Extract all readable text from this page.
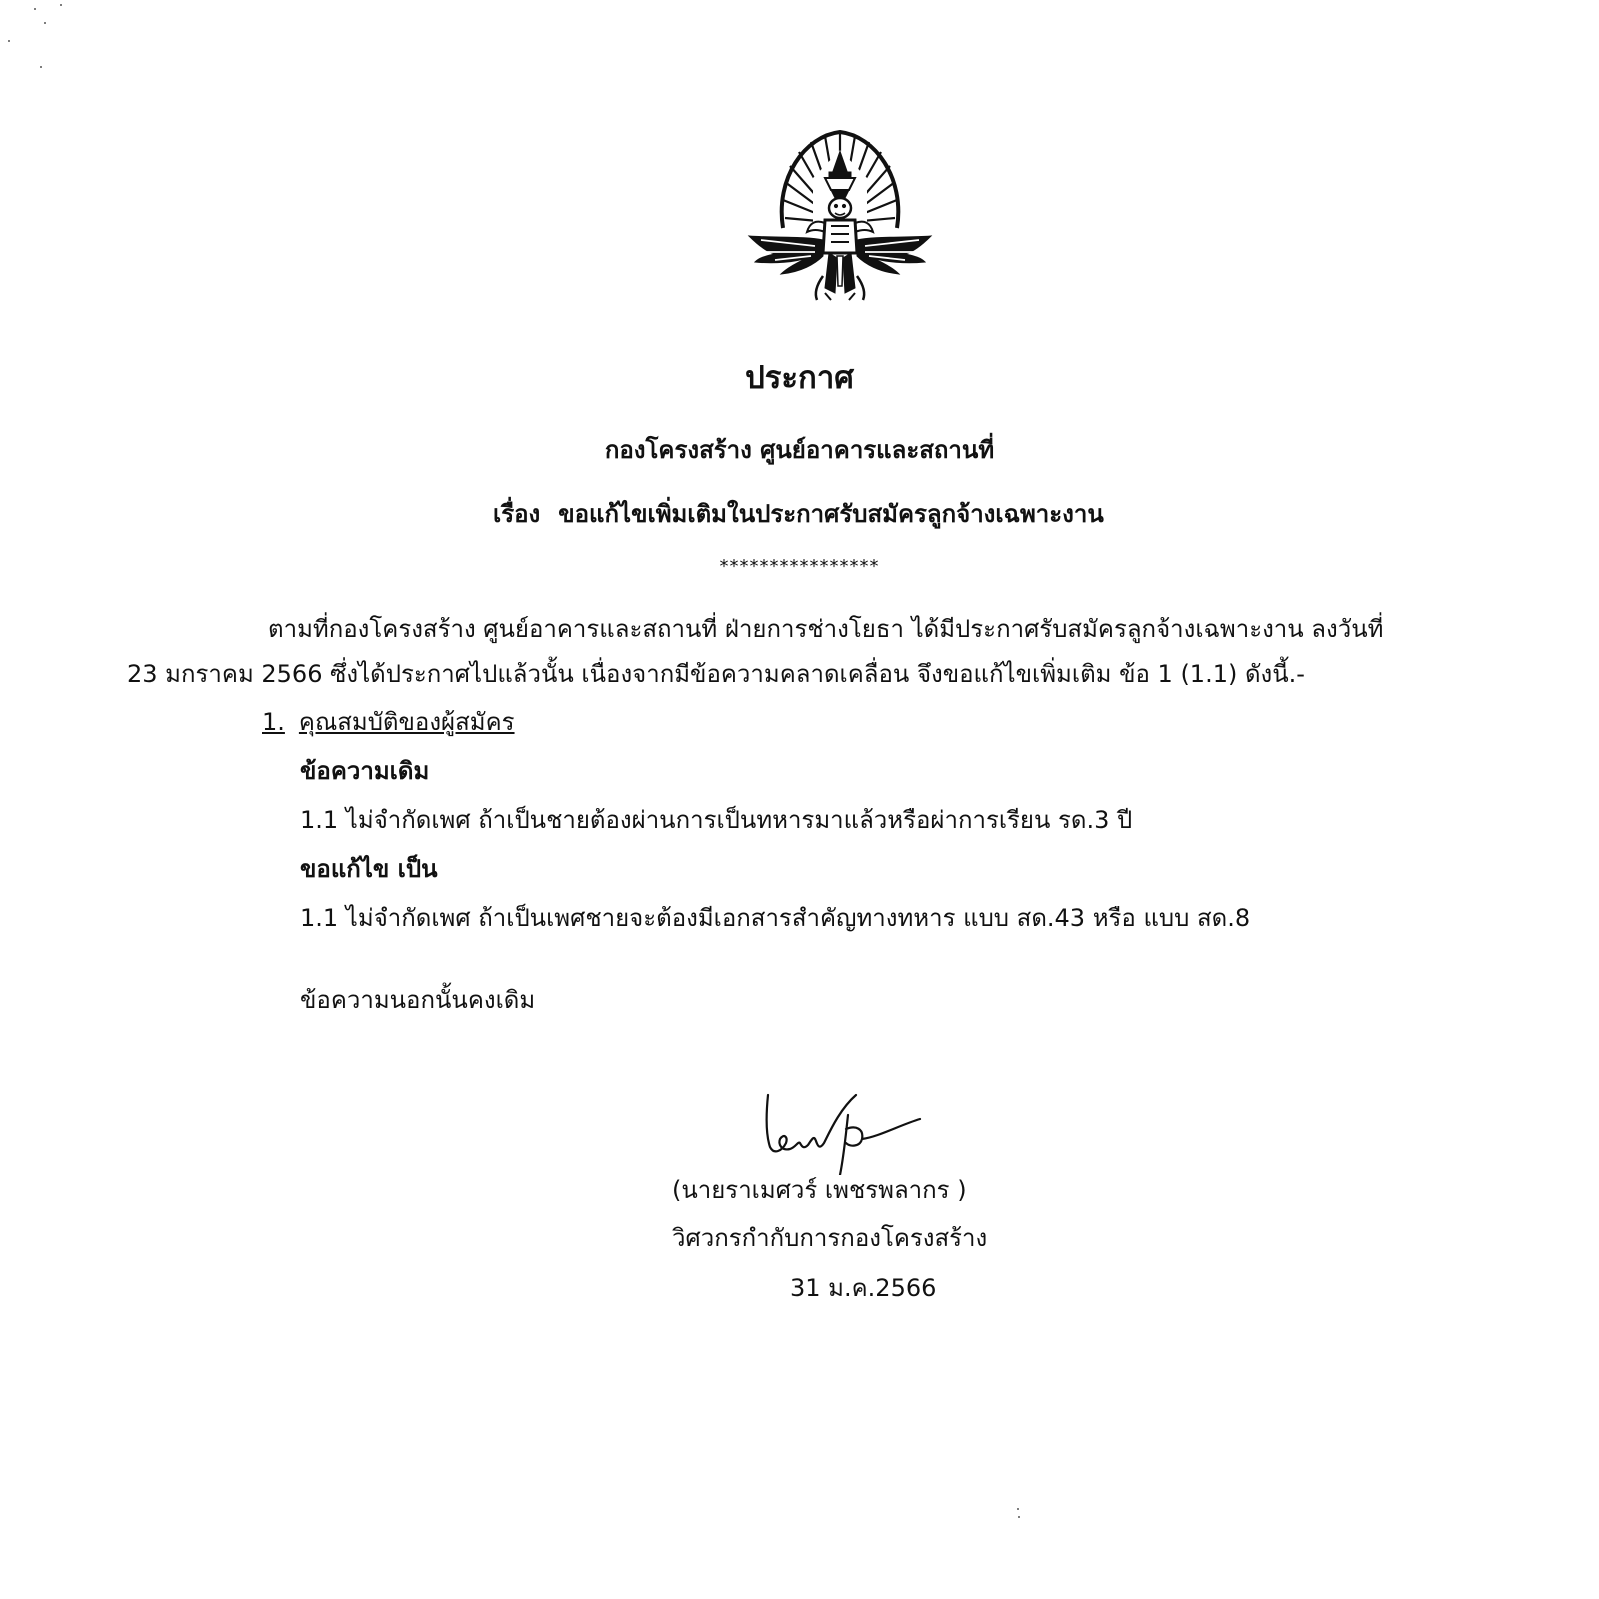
ประกาศ
กองโครงสร้าง ศูนย์อาคารและสถานที่
เรื่อง ขอแก้ไขเพิ่มเติมในประกาศรับสมัครลูกจ้างเฉพาะงาน
****************
ตามที่กองโครงสร้าง ศูนย์อาคารและสถานที่ ฝ่ายการช่างโยธา ได้มีประกาศรับสมัครลูกจ้างเฉพาะงาน ลงวันที่
23 มกราคม 2566 ซึ่งได้ประกาศไปแล้วนั้น เนื่องจากมีข้อความคลาดเคลื่อน จึงขอแก้ไขเพิ่มเติม ข้อ 1 (1.1) ดังนี้.-
1. คุณสมบัติของผู้สมัคร
ข้อความเดิม
1.1 ไม่จำกัดเพศ ถ้าเป็นชายต้องผ่านการเป็นทหารมาแล้วหรือผ่าการเรียน รด.3 ปี
ขอแก้ไข เป็น
1.1 ไม่จำกัดเพศ ถ้าเป็นเพศชายจะต้องมีเอกสารสำคัญทางทหาร แบบ สด.43 หรือ แบบ สด.8
ข้อความนอกนั้นคงเดิม
(นายราเมศวร์ เพชรพลากร )
วิศวกรกำกับการกองโครงสร้าง
31 ม.ค.2566
